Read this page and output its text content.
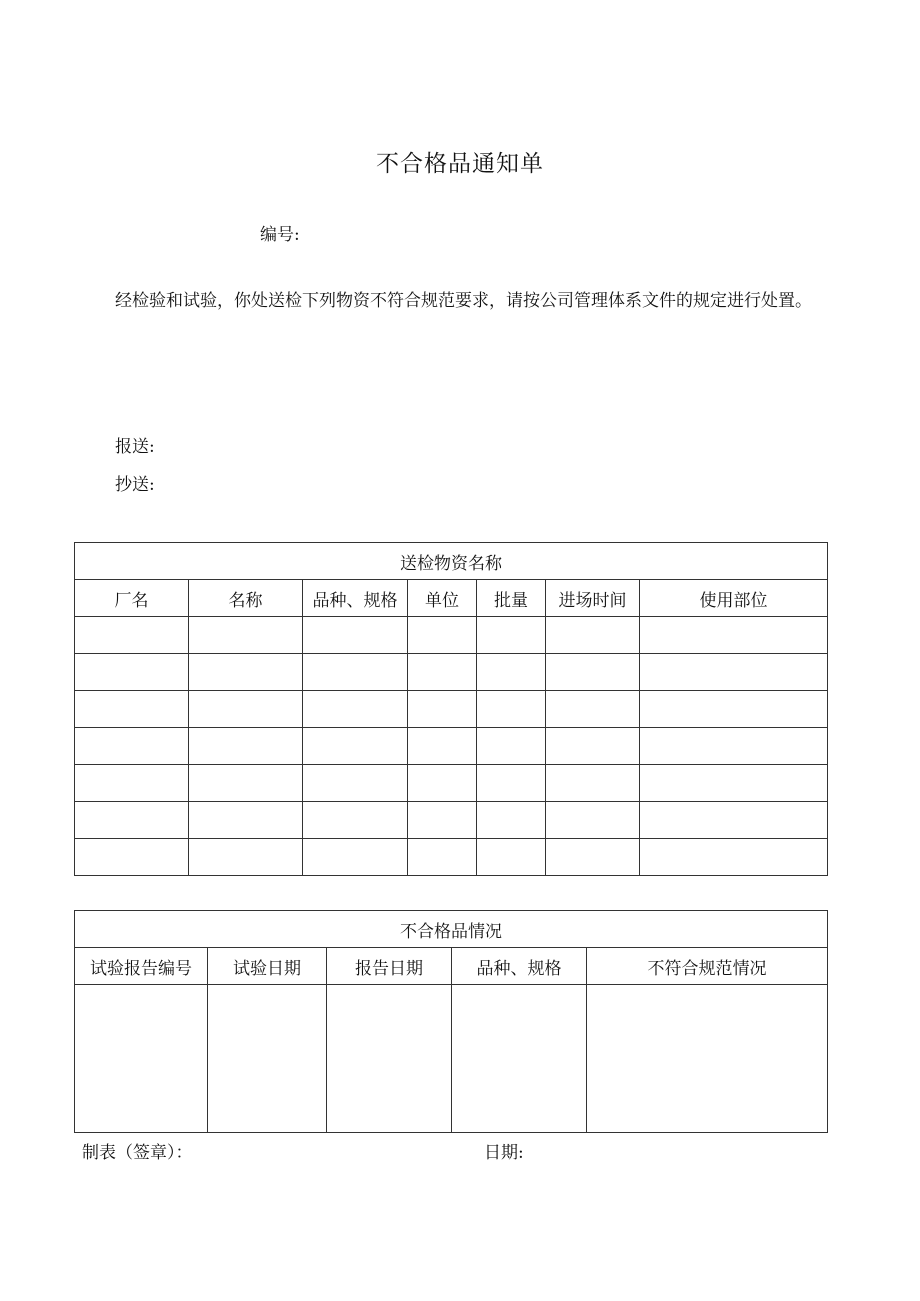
不合格品通知单
编号:
经检验和试验，你处送检下列物资不符合规范要求，请按公司管理体系文件的规定进行处置。
报送:
抄送:
送检物资名称						
厂名	名称	品种、规格	单位	批量	进场时间	使用部位

不合格品情况				
试验报告编号	试验日期	报告日期	品种、规格	不符合规范情况

制表（签章）：	日期:
